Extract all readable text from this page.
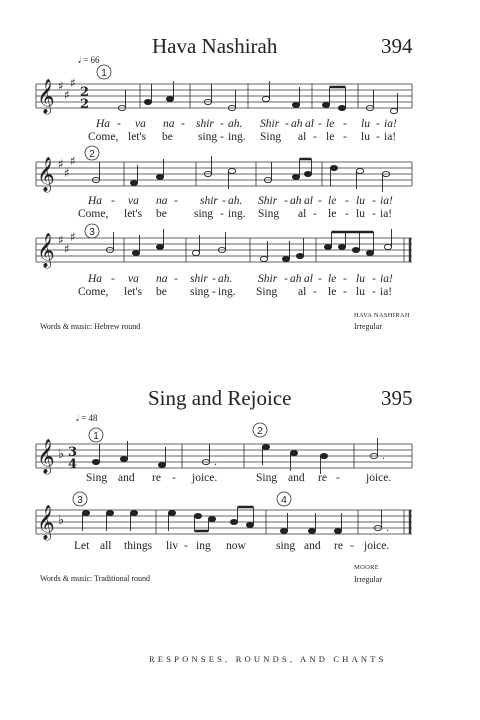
Hava Nashirah	394
𝅗𝅥 = 66
𝄞
𝄞
𝄞
♯
♯
♯
♯
♯
♯
♯
♯
♯
2
2
1
2
3
Ha - va na - shir - ah. Shir - ah al - le - lu - ia!
Come, let's be sing - ing. Sing al - le - lu - ia!
Ha - va na - shir - ah. Shir - ah al - le - lu - ia!
Come, let's be sing - ing. Sing al - le - lu - ia!
Ha - va na - shir - ah. Shir - ah al - le - lu - ia!
Come, let's be sing - ing. Sing al - le - lu - ia!
Words & music: Hebrew round
HAVA NASHIRAH
Irregular
Sing and Rejoice	395
𝅗𝅥 = 48
𝄞
𝄞
♭
♭
3
4
1	2
3	4
.
.
.
Sing and re - joice.	Sing and re - joice.
Let all things liv - ing now	sing and re - joice.
Words & music: Traditional round
MOORE
Irregular
RESPONSES, ROUNDS, AND CHANTS
